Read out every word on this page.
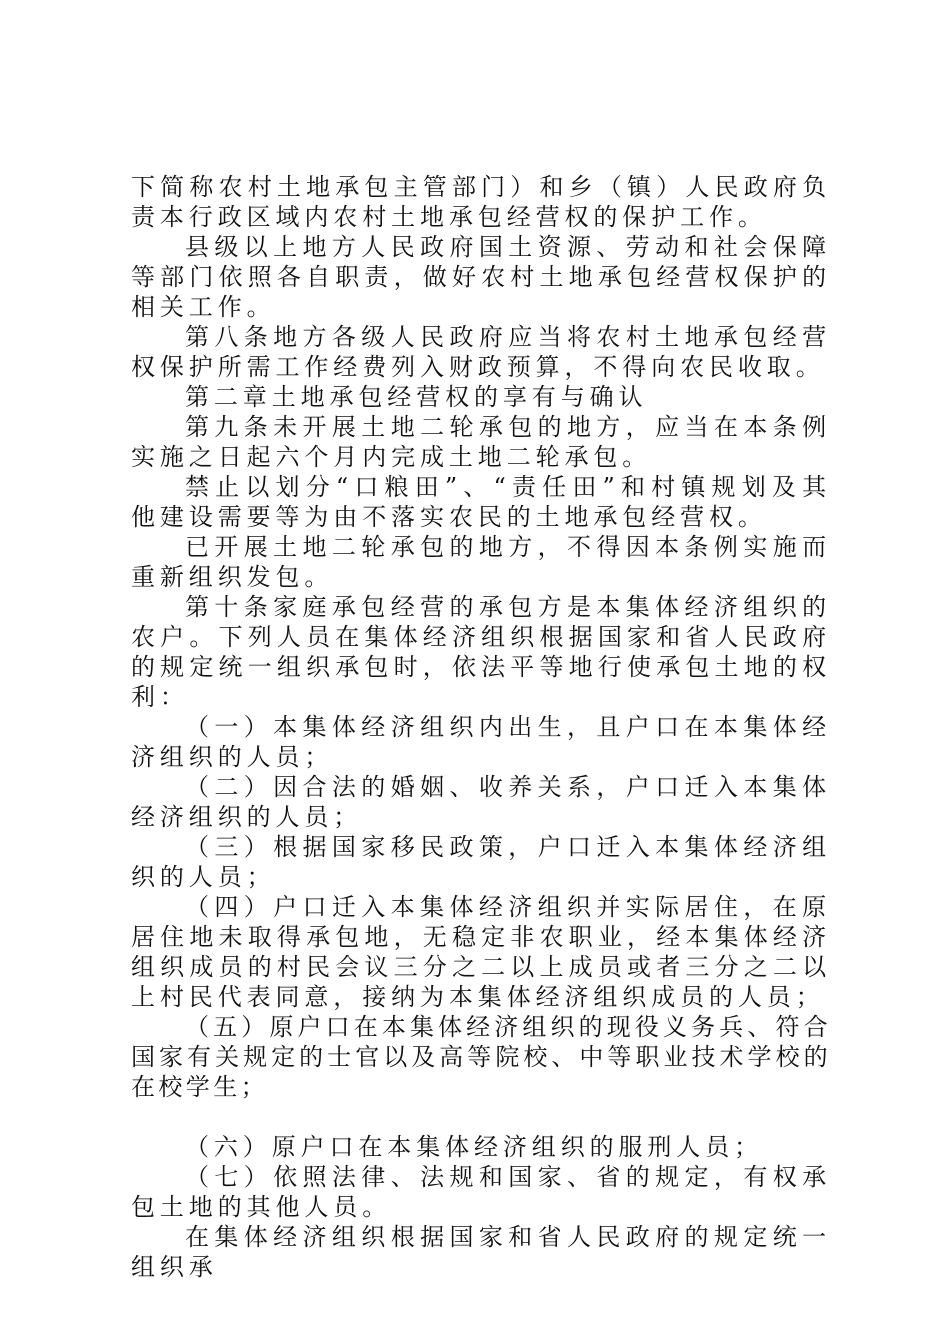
下简称农村土地承包主管部门）和乡（镇）人民政府负责本行政区域内农村土地承包经营权的保护工作。

县级以上地方人民政府国土资源、劳动和社会保障等部门依照各自职责，做好农村土地承包经营权保护的相关工作。

第八条地方各级人民政府应当将农村土地承包经营权保护所需工作经费列入财政预算，不得向农民收取。

第二章土地承包经营权的享有与确认

第九条未开展土地二轮承包的地方，应当在本条例实施之日起六个月内完成土地二轮承包。

禁止以划分“口粮田”、“责任田”和村镇规划及其他建设需要等为由不落实农民的土地承包经营权。

已开展土地二轮承包的地方，不得因本条例实施而重新组织发包。

第十条家庭承包经营的承包方是本集体经济组织的农户。下列人员在集体经济组织根据国家和省人民政府的规定统一组织承包时，依法平等地行使承包土地的权利：

（一）本集体经济组织内出生，且户口在本集体经济组织的人员；

（二）因合法的婚姻、收养关系，户口迁入本集体经济组织的人员；

（三）根据国家移民政策，户口迁入本集体经济组织的人员；

（四）户口迁入本集体经济组织并实际居住，在原居住地未取得承包地，无稳定非农职业，经本集体经济组织成员的村民会议三分之二以上成员或者三分之二以上村民代表同意，接纳为本集体经济组织成员的人员；

（五）原户口在本集体经济组织的现役义务兵、符合国家有关规定的士官以及高等院校、中等职业技术学校的在校学生；

（六）原户口在本集体经济组织的服刑人员；

（七）依照法律、法规和国家、省的规定，有权承包土地的其他人员。

在集体经济组织根据国家和省人民政府的规定统一组织承
